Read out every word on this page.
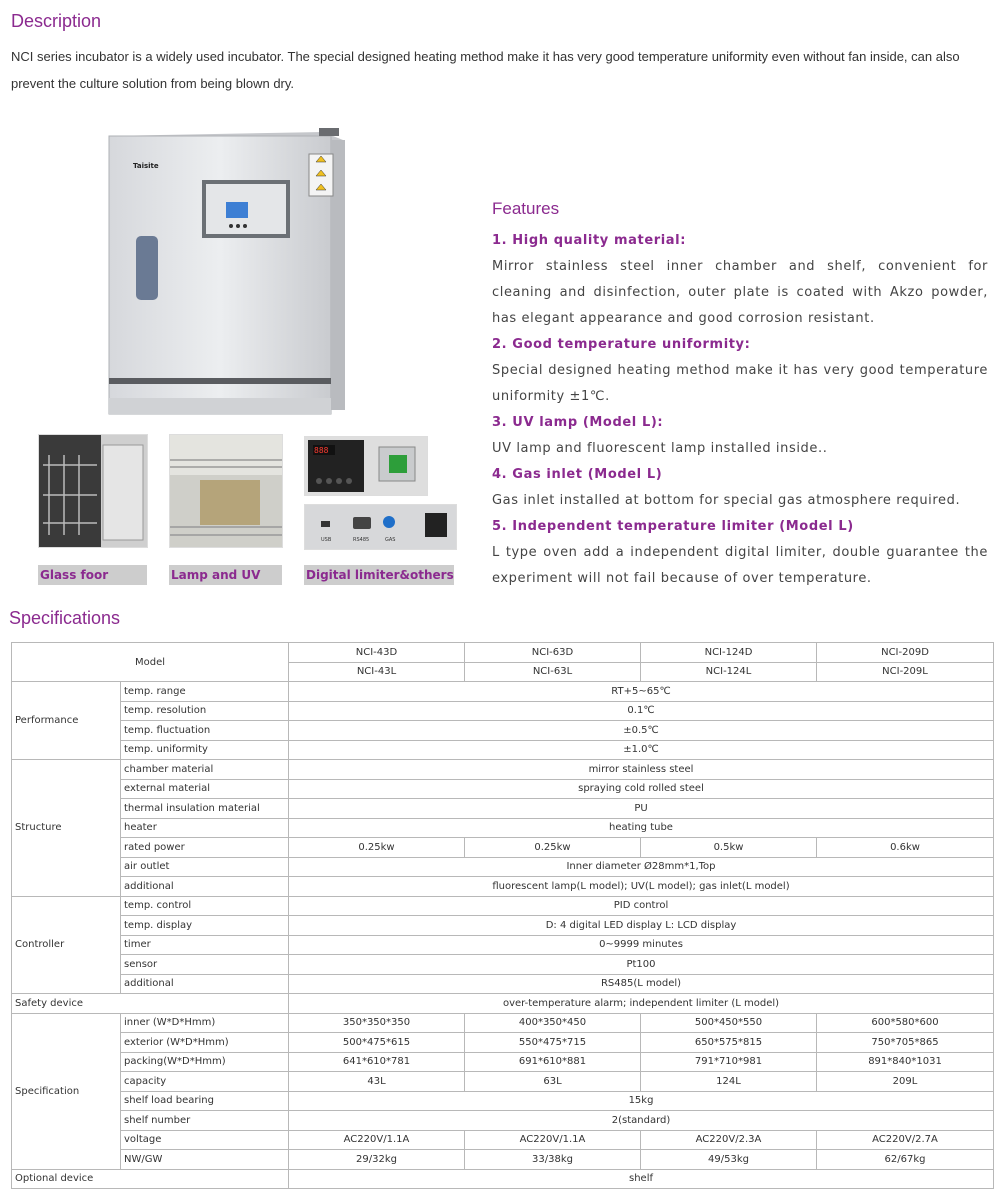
Description
NCI series incubator is a widely used incubator. The special designed heating method make it has very good temperature uniformity even without fan inside, can also prevent the culture solution from being blown dry.
Taisite
Glass foor	Lamp and UV
888
USB	RS485	GAS
Digital limiter&others
Features
1. High quality material:
Mirror stainless steel inner chamber and shelf, convenient for cleaning and disinfection, outer plate is coated with Akzo powder, has elegant appearance and good corrosion resistant.
2. Good temperature uniformity:
Special designed heating method make it has very good temperature uniformity ±1℃.
3. UV lamp (Model L):
UV lamp and fluorescent lamp installed inside..
4. Gas inlet (Model L)
Gas inlet installed at bottom for special gas atmosphere required.
5. Independent temperature limiter (Model L)
L type oven add a independent digital limiter, double guarantee the experiment will not fail because of over temperature.
Specifications
Model		NCI-43D	NCI-63D	NCI-124D	NCI-209D
		NCI-43L	NCI-63L	NCI-124L	NCI-209L
Performance	temp. range	RT+5~65℃			
	temp. resolution	0.1℃			
	temp. fluctuation	±0.5℃			
	temp. uniformity	±1.0℃			
Structure	chamber material	mirror stainless steel			
	external material	spraying cold rolled steel			
	thermal insulation material	PU			
	heater	heating tube			
	rated power	0.25kw	0.25kw	0.5kw	0.6kw
	air outlet	Inner diameter Ø28mm*1,Top			
	additional	fluorescent lamp(L model); UV(L model); gas inlet(L model)			
Controller	temp. control	PID control			
	temp. display	D: 4 digital LED display L: LCD display			
	timer	0~9999 minutes			
	sensor	Pt100			
	additional	RS485(L model)			
Safety device		over-temperature alarm; independent limiter (L model)			
Specification	inner (W*D*Hmm)	350*350*350	400*350*450	500*450*550	600*580*600
	exterior (W*D*Hmm)	500*475*615	550*475*715	650*575*815	750*705*865
	packing(W*D*Hmm)	641*610*781	691*610*881	791*710*981	891*840*1031
	capacity	43L	63L	124L	209L
	shelf load bearing	15kg			
	shelf number	2(standard)			
	voltage	AC220V/1.1A	AC220V/1.1A	AC220V/2.3A	AC220V/2.7A
	NW/GW	29/32kg	33/38kg	49/53kg	62/67kg
Optional device		shelf			
